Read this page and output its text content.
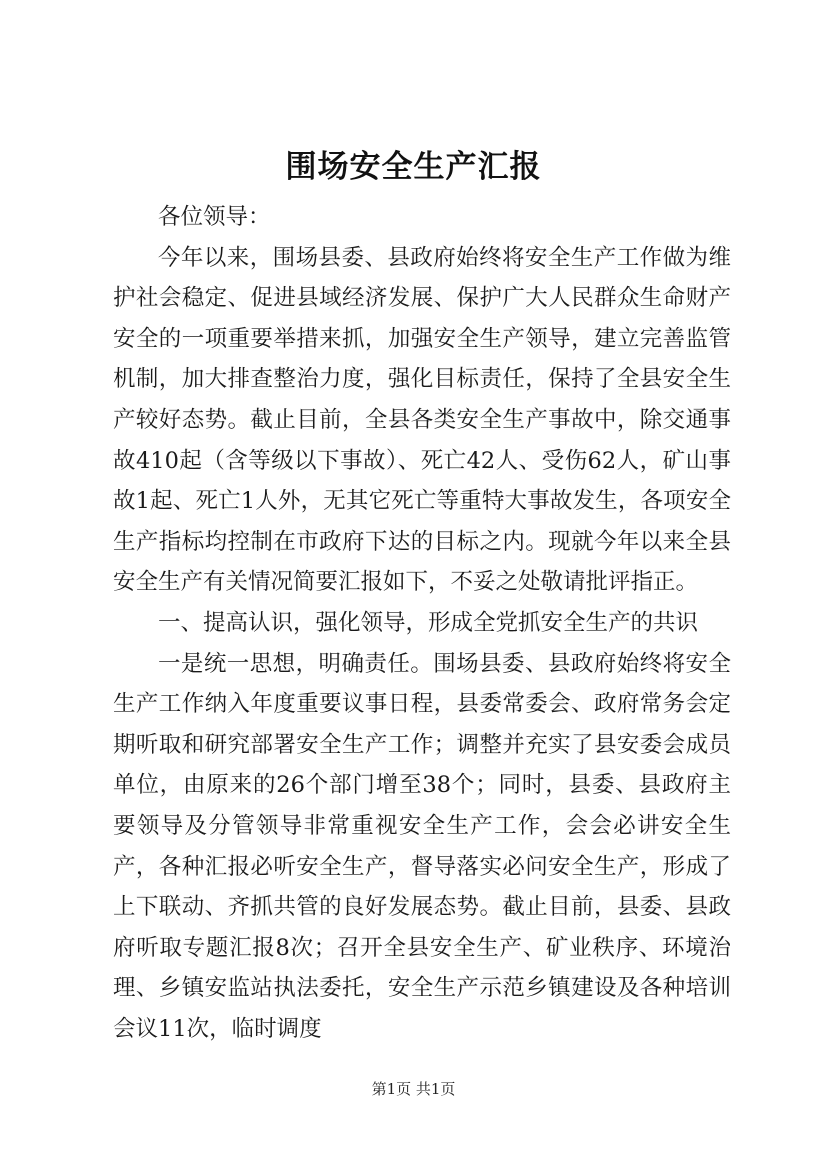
围场安全生产汇报

各位领导：

今年以来，围场县委、县政府始终将安全生产工作做为维护社会稳定、促进县域经济发展、保护广大人民群众生命财产安全的一项重要举措来抓，加强安全生产领导，建立完善监管机制，加大排查整治力度，强化目标责任，保持了全县安全生产较好态势。截止目前，全县各类安全生产事故中，除交通事故410起（含等级以下事故）、死亡42人、受伤62人，矿山事故1起、死亡1人外，无其它死亡等重特大事故发生，各项安全生产指标均控制在市政府下达的目标之内。现就今年以来全县安全生产有关情况简要汇报如下，不妥之处敬请批评指正。

一、提高认识，强化领导，形成全党抓安全生产的共识

一是统一思想，明确责任。围场县委、县政府始终将安全生产工作纳入年度重要议事日程，县委常委会、政府常务会定期听取和研究部署安全生产工作；调整并充实了县安委会成员单位，由原来的26个部门增至38个；同时，县委、县政府主要领导及分管领导非常重视安全生产工作，会会必讲安全生产，各种汇报必听安全生产，督导落实必问安全生产，形成了上下联动、齐抓共管的良好发展态势。截止目前，县委、县政府听取专题汇报8次；召开全县安全生产、矿业秩序、环境治理、乡镇安监站执法委托，安全生产示范乡镇建设及各种培训会议11次，临时调度

第1页 共1页
